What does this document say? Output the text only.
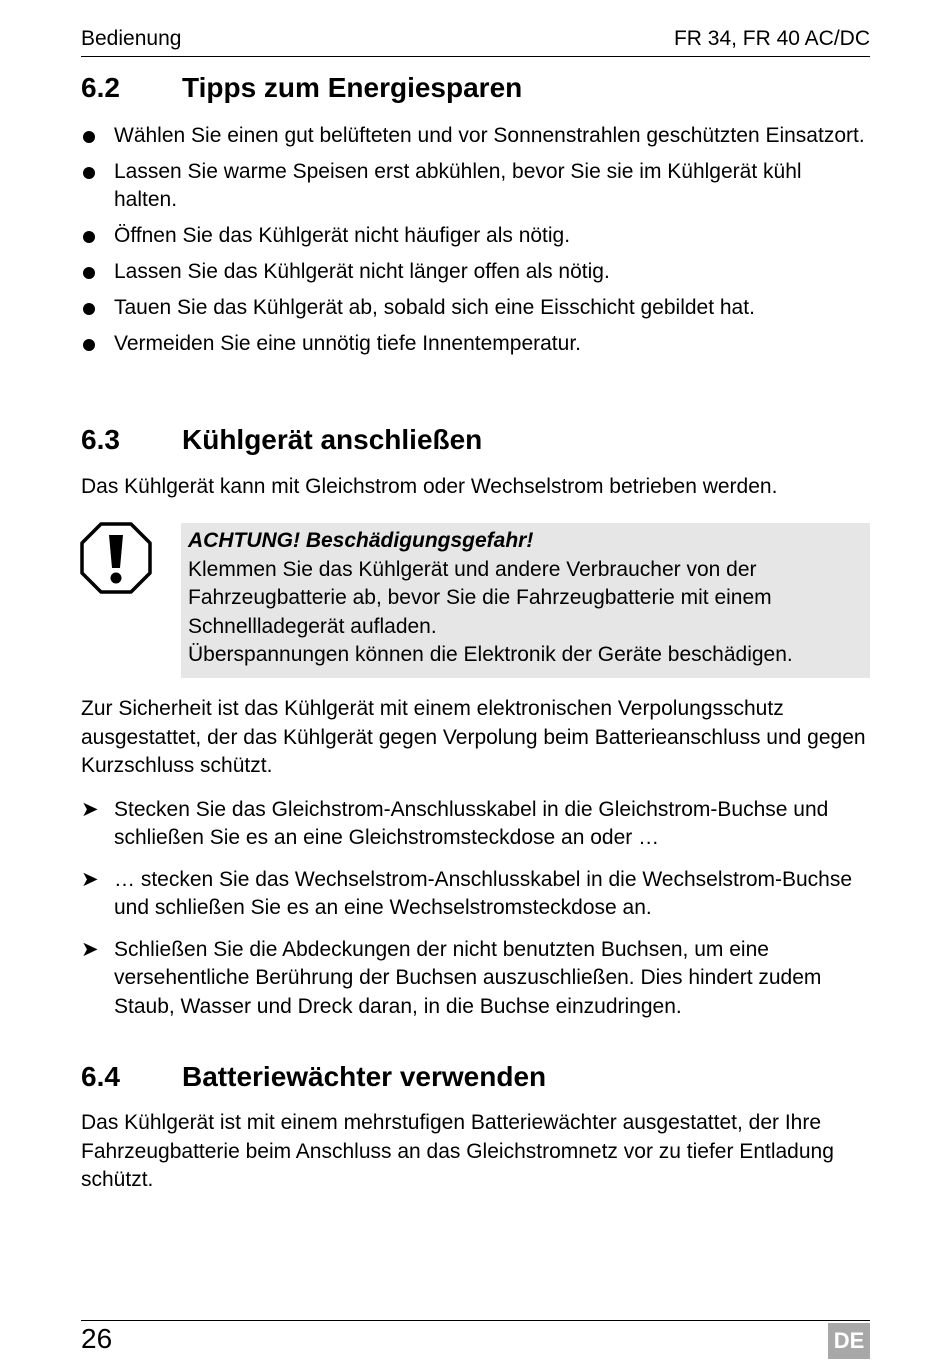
Bedienung	FR 34, FR 40 AC/DC
6.2 Tipps zum Energiesparen
Wählen Sie einen gut belüfteten und vor Sonnenstrahlen geschützten Einsatzort.
Lassen Sie warme Speisen erst abkühlen, bevor Sie sie im Kühlgerät kühl halten.
Öffnen Sie das Kühlgerät nicht häufiger als nötig.
Lassen Sie das Kühlgerät nicht länger offen als nötig.
Tauen Sie das Kühlgerät ab, sobald sich eine Eisschicht gebildet hat.
Vermeiden Sie eine unnötig tiefe Innentemperatur.
6.3 Kühlgerät anschließen

Das Kühlgerät kann mit Gleichstrom oder Wechselstrom betrieben werden.

ACHTUNG! Beschädigungsgefahr!
Klemmen Sie das Kühlgerät und andere Verbraucher von der
Fahrzeugbatterie ab, bevor Sie die Fahrzeugbatterie mit einem
Schnellladegerät aufladen.
Überspannungen können die Elektronik der Geräte beschädigen.

Zur Sicherheit ist das Kühlgerät mit einem elektronischen Verpolungsschutz ausgestattet, der das Kühlgerät gegen Verpolung beim Batterieanschluss und gegen Kurzschluss schützt.

➤ Stecken Sie das Gleichstrom-Anschlusskabel in die Gleichstrom-Buchse und schließen Sie es an eine Gleichstromsteckdose an oder …
➤ … stecken Sie das Wechselstrom-Anschlusskabel in die Wechselstrom-Buchse und schließen Sie es an eine Wechselstromsteckdose an.
➤ Schließen Sie die Abdeckungen der nicht benutzten Buchsen, um eine versehentliche Berührung der Buchsen auszuschließen. Dies hindert zudem Staub, Wasser und Dreck daran, in die Buchse einzudringen.
6.4 Batteriewächter verwenden

Das Kühlgerät ist mit einem mehrstufigen Batteriewächter ausgestattet, der Ihre Fahrzeugbatterie beim Anschluss an das Gleichstromnetz vor zu tiefer Entladung schützt.

26	DE
